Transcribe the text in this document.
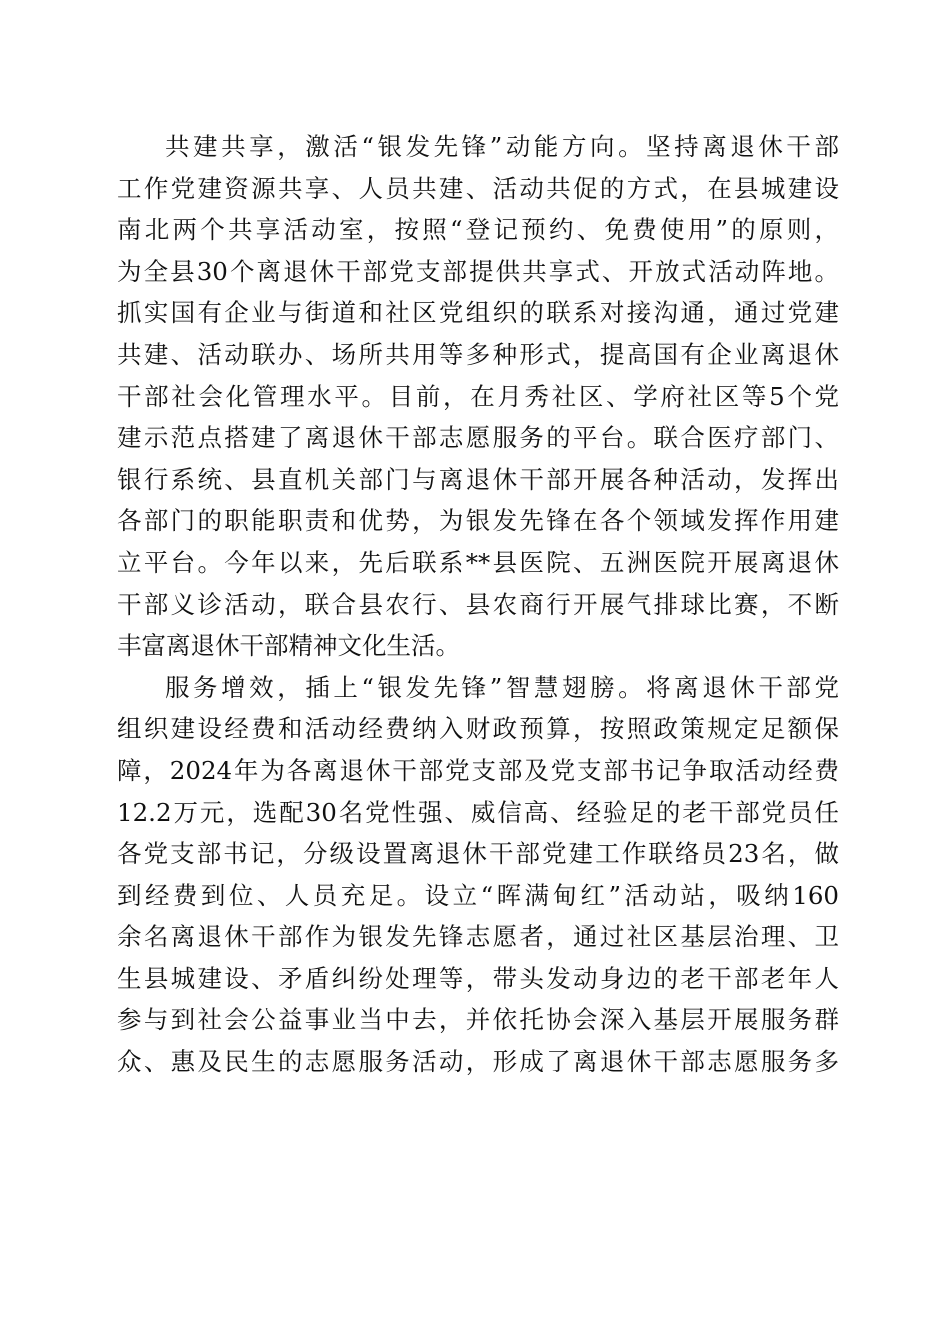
共建共享，激活“银发先锋”动能方向。坚持离退休干部
工作党建资源共享、人员共建、活动共促的方式，在县城建设
南北两个共享活动室，按照“登记预约、免费使用”的原则，
为全县30个离退休干部党支部提供共享式、开放式活动阵地。
抓实国有企业与街道和社区党组织的联系对接沟通，通过党建
共建、活动联办、场所共用等多种形式，提高国有企业离退休
干部社会化管理水平。目前，在月秀社区、学府社区等5个党
建示范点搭建了离退休干部志愿服务的平台。联合医疗部门、
银行系统、县直机关部门与离退休干部开展各种活动，发挥出
各部门的职能职责和优势，为银发先锋在各个领域发挥作用建
立平台。今年以来，先后联系**县医院、五洲医院开展离退休
干部义诊活动，联合县农行、县农商行开展气排球比赛，不断
丰富离退休干部精神文化生活。
服务增效，插上“银发先锋”智慧翅膀。将离退休干部党
组织建设经费和活动经费纳入财政预算，按照政策规定足额保
障，2024年为各离退休干部党支部及党支部书记争取活动经费
12.2万元，选配30名党性强、威信高、经验足的老干部党员任
各党支部书记，分级设置离退休干部党建工作联络员23名，做
到经费到位、人员充足。设立“晖满甸红”活动站，吸纳160
余名离退休干部作为银发先锋志愿者，通过社区基层治理、卫
生县城建设、矛盾纠纷处理等，带头发动身边的老干部老年人
参与到社会公益事业当中去，并依托协会深入基层开展服务群
众、惠及民生的志愿服务活动，形成了离退休干部志愿服务多
